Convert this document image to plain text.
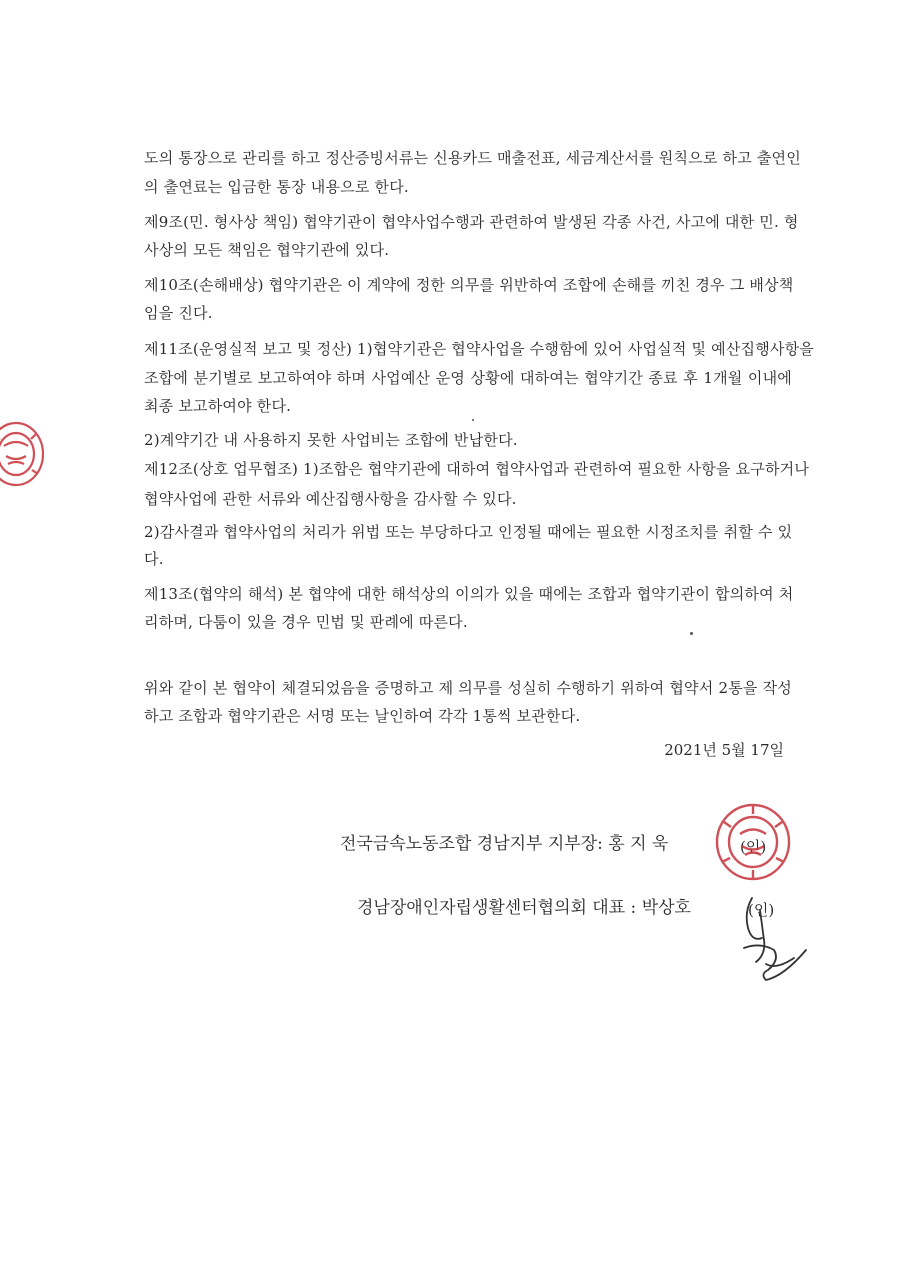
도의 통장으로 관리를 하고 정산증빙서류는 신용카드 매출전표, 세금계산서를 원칙으로 하고 출연인
의 출연료는 입금한 통장 내용으로 한다.
제9조(민. 형사상 책임) 협약기관이 협약사업수행과 관련하여 발생된 각종 사건, 사고에 대한 민. 형
사상의 모든 책임은 협약기관에 있다.
제10조(손해배상) 협약기관은 이 계약에 정한 의무를 위반하여 조합에 손해를 끼친 경우 그 배상책
임을 진다.
제11조(운영실적 보고 및 정산) 1)협약기관은 협약사업을 수행함에 있어 사업실적 및 예산집행사항을
조합에 분기별로 보고하여야 하며 사업예산 운영 상황에 대하여는 협약기간 종료 후 1개월 이내에
최종 보고하여야 한다.
2)계약기간 내 사용하지 못한 사업비는 조합에 반납한다.
제12조(상호 업무협조) 1)조합은 협약기관에 대하여 협약사업과 관련하여 필요한 사항을 요구하거나
협약사업에 관한 서류와 예산집행사항을 감사할 수 있다.
2)감사결과 협약사업의 처리가 위법 또는 부당하다고 인정될 때에는 필요한 시정조치를 취할 수 있
다.
제13조(협약의 해석) 본 협약에 대한 해석상의 이의가 있을 때에는 조합과 협약기관이 합의하여 처
리하며, 다툼이 있을 경우 민법 및 판례에 따른다.
위와 같이 본 협약이 체결되었음을 증명하고 제 의무를 성실히 수행하기 위하여 협약서 2통을 작성
하고 조합과 협약기관은 서명 또는 날인하여 각각 1통씩 보관한다.
2021년 5월 17일
전국금속노동조합 경남지부 지부장: 홍 지 욱	(인)
경남장애인자립생활센터협의회 대표 : 박상호	(인)
